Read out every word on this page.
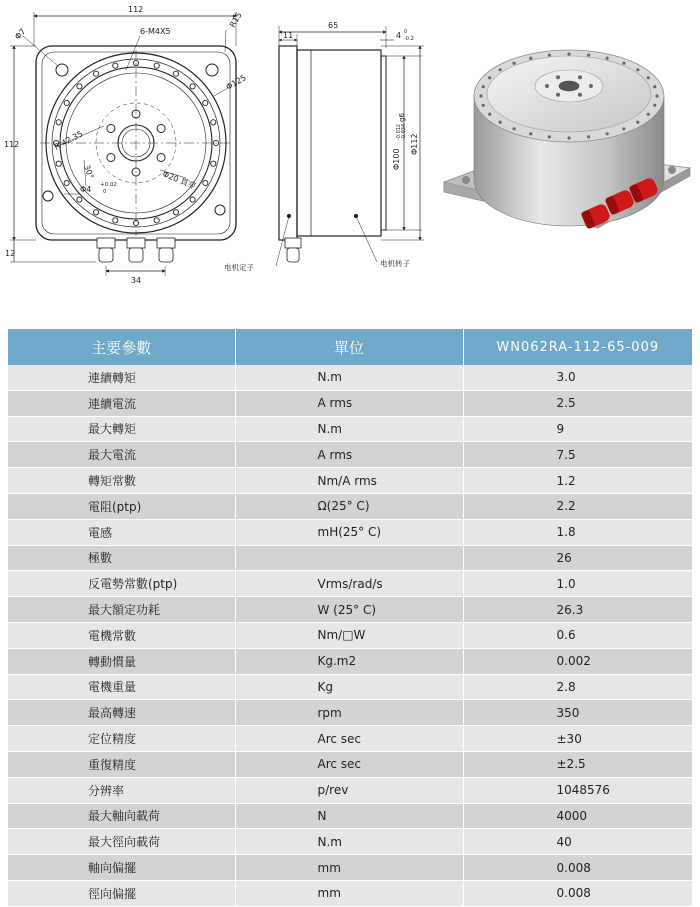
112
112
12
34
R15
Φ7	6-M4X5
Φ125
R 42.35
30°	Φ20 貫穿
Φ4 +0.02
0
65
11	4 0
-0.2
Φ100
-0.012 -0.034
g6
Φ112
电机定子	电机转子
主要參數	單位	WN062RA-112-65-009
連續轉矩	N.m	3.0
連續電流	A rms	2.5
最大轉矩	N.m	9
最大電流	A rms	7.5
轉矩常數	Nm/A rms	1.2
電阻(ptp)	Ω(25° C)	2.2
電感	mH(25° C)	1.8
極數		26
反電勢常數(ptp)	Vrms/rad/s	1.0
最大額定功耗	W (25° C)	26.3
電機常數	Nm/□W	0.6
轉動慣量	Kg.m2	0.002
電機重量	Kg	2.8
最高轉速	rpm	350
定位精度	Arc sec	±30
重復精度	Arc sec	±2.5
分辨率	p/rev	1048576
最大軸向載荷	N	4000
最大徑向載荷	N.m	40
軸向偏擺	mm	0.008
徑向偏擺	mm	0.008
